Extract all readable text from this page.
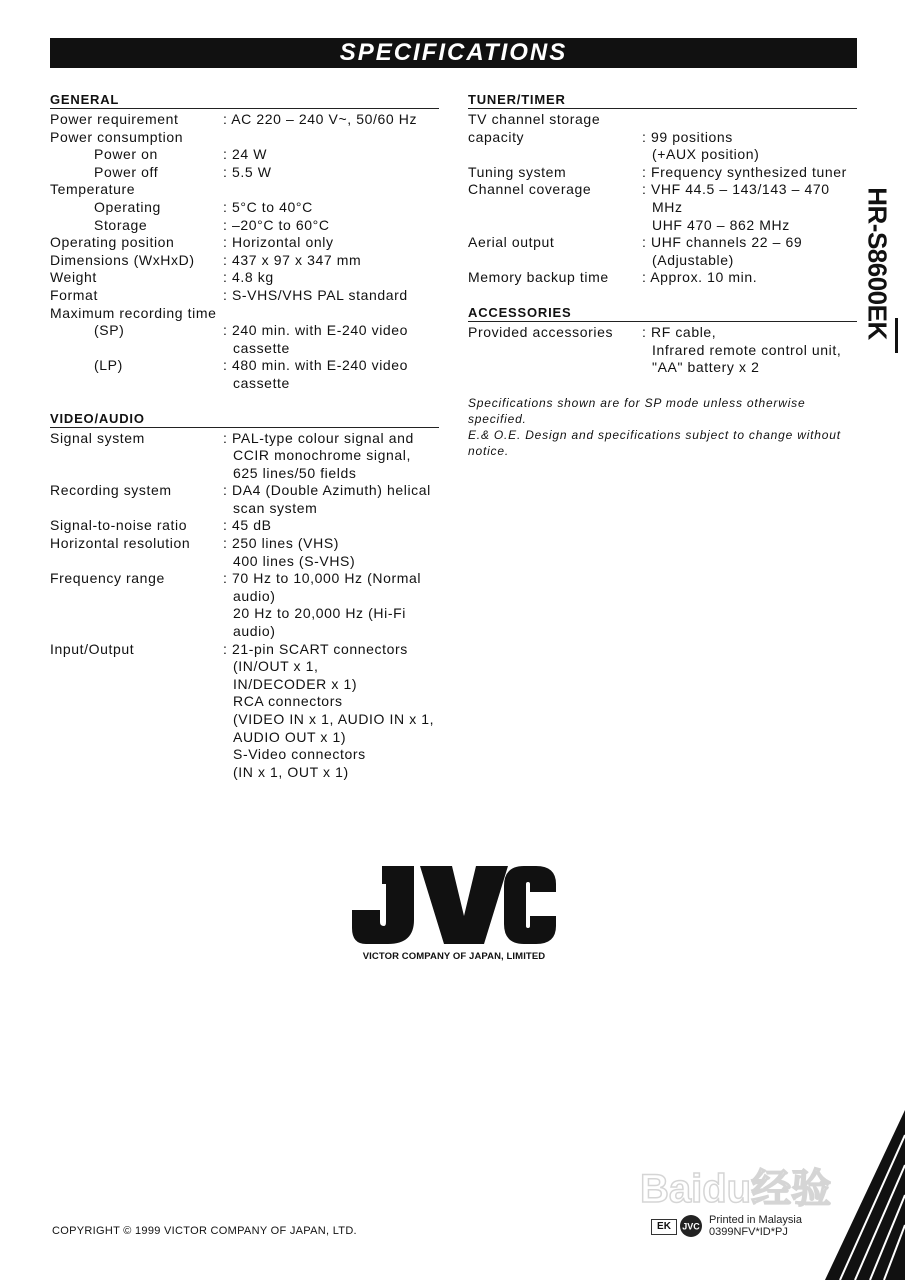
SPECIFICATIONS
GENERAL
Power requirement	: AC 220 – 240 V~, 50/60 Hz
Power consumption
Power on	: 24 W
Power off	: 5.5 W
Temperature
Operating	: 5°C to 40°C
Storage	: –20°C to 60°C
Operating position	: Horizontal only
Dimensions (WxHxD)	: 437 x 97 x 347 mm
Weight	: 4.8 kg
Format	: S-VHS/VHS PAL standard
Maximum recording time
(SP)	: 240 min. with E-240 video
cassette
(LP)	: 480 min. with E-240 video
cassette
VIDEO/AUDIO
Signal system	: PAL-type colour signal and
CCIR monochrome signal,
625 lines/50 fields
Recording system	: DA4 (Double Azimuth) helical
scan system
Signal-to-noise ratio	: 45 dB
Horizontal resolution	: 250 lines (VHS)
400 lines (S-VHS)
Frequency range	: 70 Hz to 10,000 Hz (Normal
audio)
20 Hz to 20,000 Hz (Hi-Fi
audio)
Input/Output	: 21-pin SCART connectors
(IN/OUT x 1,
IN/DECODER x 1)
RCA connectors
(VIDEO IN x 1, AUDIO IN x 1,
AUDIO OUT x 1)
S-Video connectors
(IN x 1, OUT x 1)
TUNER/TIMER
TV channel storage
capacity	: 99 positions
(+AUX position)
Tuning system	: Frequency synthesized tuner
Channel coverage	: VHF 44.5 – 143/143 – 470 MHz
UHF 470 – 862 MHz
Aerial output	: UHF channels 22 – 69
(Adjustable)
Memory backup time	: Approx. 10 min.
ACCESSORIES
Provided accessories	: RF cable,
Infrared remote control unit,
"AA" battery x 2
Specifications shown are for SP mode unless otherwise
specified.
E.& O.E. Design and specifications subject to change without
notice.
HR-S8600EK
VICTOR COMPANY OF JAPAN, LIMITED
COPYRIGHT © 1999 VICTOR COMPANY OF JAPAN, LTD.	EK	JVC
Printed in Malaysia
0399NFV*ID*PJ
Baidu经验
